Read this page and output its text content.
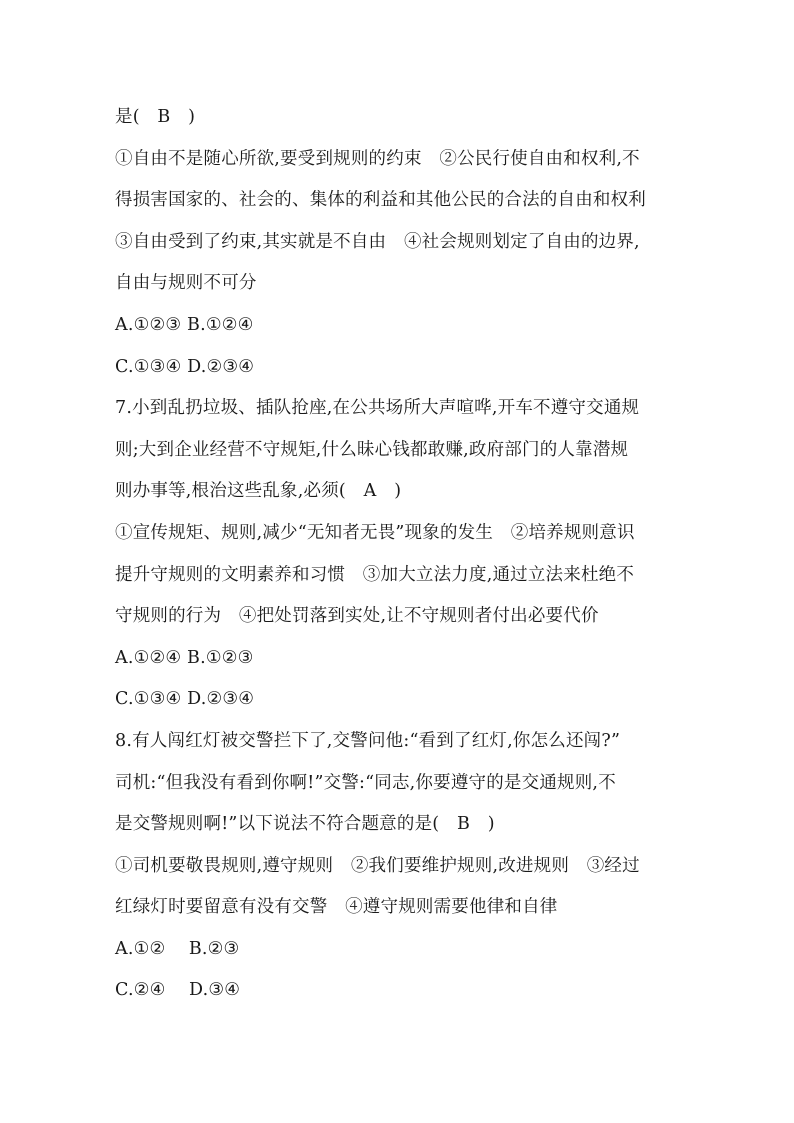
是(　B　)
①自由不是随心所欲,要受到规则的约束　②公民行使自由和权利,不
得损害国家的、社会的、集体的利益和其他公民的合法的自由和权利
③自由受到了约束,其实就是不自由　④社会规则划定了自由的边界,
自由与规则不可分
A.①②③ B.①②④
C.①③④ D.②③④
7.小到乱扔垃圾、插队抢座,在公共场所大声喧哗,开车不遵守交通规
则;大到企业经营不守规矩,什么昧心钱都敢赚,政府部门的人靠潜规
则办事等,根治这些乱象,必须(　A　)
①宣传规矩、规则,减少“无知者无畏”现象的发生　②培养规则意识
提升守规则的文明素养和习惯　③加大立法力度,通过立法来杜绝不
守规则的行为　④把处罚落到实处,让不守规则者付出必要代价
A.①②④ B.①②③
C.①③④ D.②③④
8.有人闯红灯被交警拦下了,交警问他:“看到了红灯,你怎么还闯?”
司机:“但我没有看到你啊!”交警:“同志,你要遵守的是交通规则,不
是交警规则啊!”以下说法不符合题意的是(　B　)
①司机要敬畏规则,遵守规则　②我们要维护规则,改进规则　③经过
红绿灯时要留意有没有交警　④遵守规则需要他律和自律
A.①②　 B.②③
C.②④　 D.③④
